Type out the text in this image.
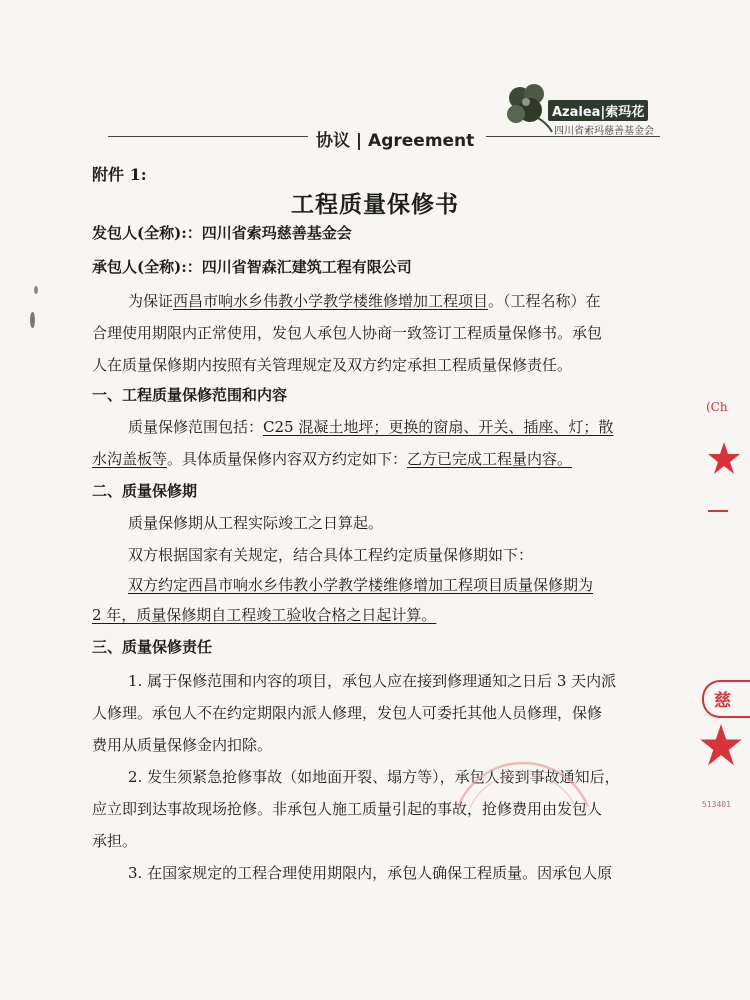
Azalea|索玛花
四川省索玛慈善基金会
协议 | Agreement
附件 1:
工程质量保修书
发包人(全称):：四川省索玛慈善基金会
承包人(全称):：四川省智森汇建筑工程有限公司
为保证西昌市响水乡伟教小学教学楼维修增加工程项目。（工程名称）在
合理使用期限内正常使用，发包人承包人协商一致签订工程质量保修书。承包
人在质量保修期内按照有关管理规定及双方约定承担工程质量保修责任。
一、工程质量保修范围和内容
质量保修范围包括：C25 混凝土地坪；更换的窗扇、开关、插座、灯；散
水沟盖板等。具体质量保修内容双方约定如下：乙方已完成工程量内容。
二、质量保修期
质量保修期从工程实际竣工之日算起。
双方根据国家有关规定，结合具体工程约定质量保修期如下：
双方约定西昌市响水乡伟教小学教学楼维修增加工程项目质量保修期为
2 年，质量保修期自工程竣工验收合格之日起计算。
三、质量保修责任
1. 属于保修范围和内容的项目，承包人应在接到修理通知之日后 3 天内派
人修理。承包人不在约定期限内派人修理，发包人可委托其他人员修理，保修
费用从质量保修金内扣除。
2. 发生须紧急抢修事故（如地面开裂、塌方等），承包人接到事故通知后，
应立即到达事故现场抢修。非承包人施工质量引起的事故，抢修费用由发包人
承担。
3. 在国家规定的工程合理使用期限内，承包人确保工程质量。因承包人原
(Ch
慈
513401
